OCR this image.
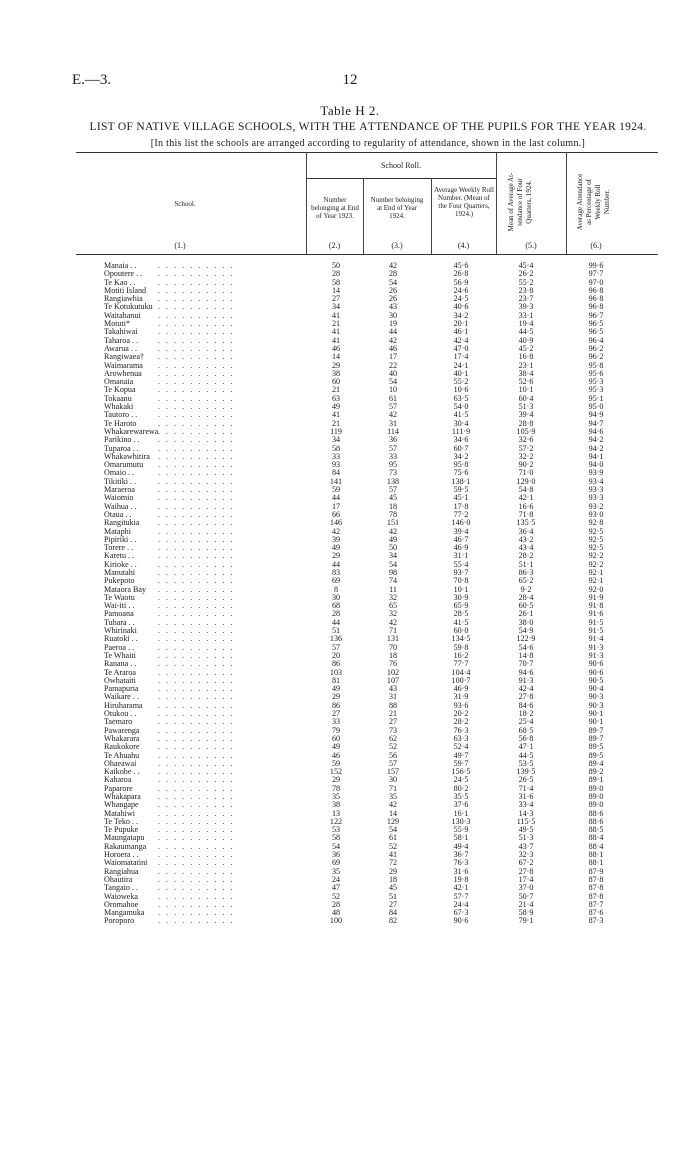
E.—3.	12
Table H 2.
LIST OF NATIVE VILLAGE SCHOOLS, WITH THE ATTENDANCE OF THE PUPILS FOR THE YEAR 1924.
[In this list the schools are arranged according to regularity of attendance, shown in the last column.]
School Roll.
School.	Number belonging at End of Year 1923.
Number belonging at End of Year 1924.
Average Weekly Roll Number. (Mean of the Four Quarters, 1924.)	Mean of Average At- tendance of Four Quarters, 1924.	Average Attendance as Percentage of Weekly Roll Number.
(1.)	(2.)	(3.)	(4.)	(5.)	(6.)
Manaia . .	. . . . . . . . . .	50	42	45·6	45·4	99·6
Opoutere . . . . . . . . . . . .	28	28	26·8	26·2	97·7
Te Kao . .	. . . . . . . . . .	58	54	56·9	55·2	97·0
Motiti Island . . . . . . . . . .	14	26	24·6	23·8	96·8
Rangiawhia . . . . . . . . . .	27	26	24·5	23·7	96·8
Te Kotukutuku . . . . . . . . . .	34	43	40·6	39·3	96·8
Waitahanui . . . . . . . . . .	41	30	34·2	33·1	96·7
Motuti*	. . . . . . . . . .	21	19	20·1	19·4	96·5
Takahiwai	. . . . . . . . . .	41	44	46·1	44·5	96·5
Taharoa . . . . . . . . . . . .	41	42	42·4	40·9	96·4
Awarua . .	. . . . . . . . . .	46	46	47·0	45·2	96·2
Rangiwaea† . . . . . . . . . .	14	17	17·4	16·8	96·2
Waimarama . . . . . . . . . .	29	22	24·1	23·1	95·8
Arowhenua . . . . . . . . . .	38	40	40·1	38·4	95·6
Omanaia	. . . . . . . . . .	60	54	55·2	52·6	95·3
Te Kopua	. . . . . . . . . .	21	10	10·6	10·1	95·3
Tokaanu	. . . . . . . . . .	63	61	63·5	60·4	95·1
Whakaki	. . . . . . . . . .	49	57	54·0	51·3	95·0
Tautoro . .	. . . . . . . . . .	41	42	41·5	39·4	94·9
Te Haroto	. . . . . . . . . .	21	31	30·4	28·8	94·7
Whakarewarewa . . . . . . . . . .	119	114	111·9	105·9	94·6
Parikino . . . . . . . . . . . .	34	36	34·6	32·6	94·2
Tuparoa . . . . . . . . . . . .	58	57	60·7	57·2	94·2
Whakawhitira . . . . . . . . . .	33	33	34·2	32·2	94·1
Omarumutu . . . . . . . . . .	93	95	95·8	90·2	94·0
Omaio . .	. . . . . . . . . .	84	73	75·6	71·0	93·9
Tikitiki . .	. . . . . . . . . .	141	138	138·1	129·0	93·4
Maraeroa	. . . . . . . . . .	59	57	59·5	54·8	93·3
Waiomio	. . . . . . . . . .	44	45	45·1	42·1	93·3
Waihua . .	. . . . . . . . . .	17	18	17·8	16·6	93·2
Otaua . .	. . . . . . . . . .	66	78	77·2	71·8	93·0
Rangitukia . . . . . . . . . .	146	151	146·0	135·5	92·8
Mataphi	. . . . . . . . . .	42	42	39·4	36·4	92·5
Pipiriki . .	. . . . . . . . . .	39	49	46·7	43·2	92·5
Torere . .	. . . . . . . . . .	49	50	46·9	43·4	92·5
Karetu . .	. . . . . . . . . .	29	34	31·1	28·2	92·2
Kirioke . .	. . . . . . . . . .	44	54	55·4	51·1	92·2
Manutahi	. . . . . . . . . .	83	98	93·7	86·3	92·1
Pukepoto	. . . . . . . . . .	69	74	70·8	65·2	92·1
Mataora Bay . . . . . . . . . .	8	11	10·1	9·2	92·0
Te Waotu	. . . . . . . . . .	30	32	30·9	28·4	91·9
Wai-iti . .	. . . . . . . . . .	68	65	65·9	60·5	91·8
Pamoana	. . . . . . . . . .	28	32	28·5	26·1	91·6
Tuhara . .	. . . . . . . . . .	44	42	41·5	38·0	91·5
Whirinaki	. . . . . . . . . .	51	71	60·0	54·9	91·5
Ruatoki . .	. . . . . . . . . .	136	131	134·5	122·9	91·4
Paeroa . .	. . . . . . . . . .	57	70	59·8	54·6	91·3
Te Whaiti	. . . . . . . . . .	20	18	16·2	14·8	91·3
Ranana . .	. . . . . . . . . .	86	76	77·7	70·7	90·6
Te Araroa	. . . . . . . . . .	103	102	104·4	94·6	90·6
Owhataiti	. . . . . . . . . .	81	107	100·7	91·3	90·5
Pamapuria . . . . . . . . . .	49	43	46·9	42·4	90·4
Waikare . . . . . . . . . . . .	29	31	31·9	27·8	90·3
Hiruharama . . . . . . . . . .	86	88	93·6	84·6	90·3
Otukou . .	. . . . . . . . . .	27	21	20·2	18·2	90·1
Taemaro	. . . . . . . . . .	33	27	28·2	25·4	90·1
Pawarenga . . . . . . . . . .	79	73	76·3	68·5	89·7
Whakarara . . . . . . . . . .	60	62	63·3	56·8	89·7
Raukokore . . . . . . . . . .	49	52	52·4	47·1	89·5
Te Ahuahu . . . . . . . . . .	46	56	49·7	44·5	89·5
Ohaeawai	. . . . . . . . . .	59	57	59·7	53·5	89·4
Kaikohe . . . . . . . . . . . .	152	157	156·5	139·5	89·2
Kaharoa	. . . . . . . . . .	29	30	24·5	26·5	89·1
Paparore	. . . . . . . . . .	78	71	80·2	71·4	89·0
Whakapara . . . . . . . . . .	35	35	35·5	31·6	89·0
Whangape . . . . . . . . . .	38	42	37·6	33·4	89·0
Matahiwi	. . . . . . . . . .	13	14	16·1	14·3	88·6
Te Teko . . . . . . . . . . . .	122	129	130·3	115·5	88·6
Te Pupuke . . . . . . . . . .	53	54	55·9	49·5	88·5
Maungatapu . . . . . . . . . .	58	61	58·1	51·3	88·4
Rakaumanga . . . . . . . . . .	54	52	49·4	43·7	88·4
Horoera . . . . . . . . . . . .	36	41	36·7	32·3	88·1
Waiomatatini . . . . . . . . . .	69	72	76·3	67·2	88·1
Rangiahua . . . . . . . . . .	35	29	31·6	27·8	87·9
Ohautira	. . . . . . . . . .	24	18	19·8	17·4	87·8
Tangaio . . . . . . . . . . . .	47	45	42·1	37·0	87·8
Waioweka . . . . . . . . . .	52	51	57·7	50·7	87·8
Oromahoe . . . . . . . . . .	28	27	24·4	21·4	87·7
Mangamuka . . . . . . . . . .	48	84	67·3	58·9	87·6
Poroporo	. . . . . . . . . .	100	82	90·6	79·1	87·3
